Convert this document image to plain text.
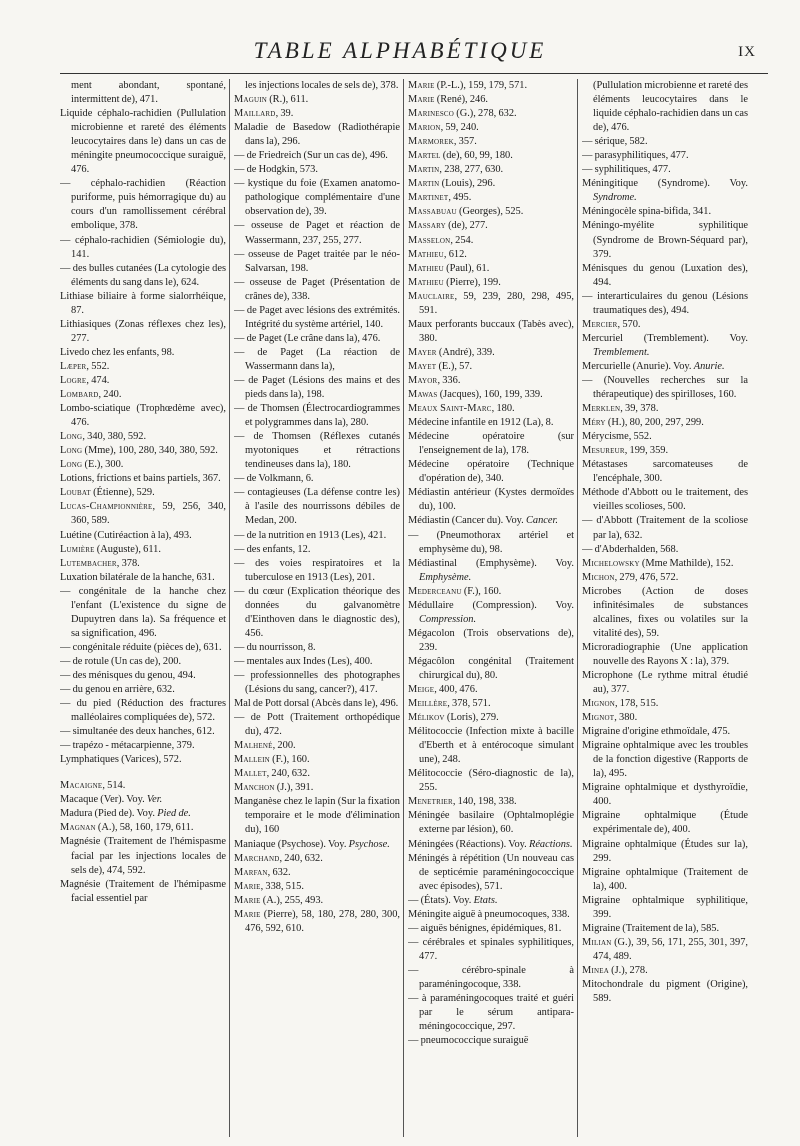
TABLE ALPHABÉTIQUE	IX
ment abondant, spontané, intermittent de), 471.
Liquide céphalo-rachidien (Pullulation microbienne et rareté des éléments leucocytaires dans le) dans un cas de méningite pneumococcique suraiguë, 476.
— céphalo-rachidien (Réaction puriforme, puis hémorragique du) au cours d'un ramollissement cérébral embolique, 378.
— céphalo-rachidien (Sémiologie du), 141.
— des bulles cutanées (La cytologie des éléments du sang dans le), 624.
Lithiase biliaire à forme sialorrhéique, 87.
Lithiasiques (Zonas réflexes chez les), 277.
Livedo chez les enfants, 98.
Læper, 552.
Logre, 474.
Lombard, 240.
Lombo-sciatique (Trophœdème avec), 476.
Long, 340, 380, 592.
Long (Mme), 100, 280, 340, 380, 592.
Long (E.), 300.
Lotions, frictions et bains partiels, 367.
Loubat (Étienne), 529.
Lucas-Championnière, 59, 256, 340, 360, 589.
Luétine (Cutiréaction à la), 493.
Lumière (Auguste), 611.
Lutembacher, 378.
Luxation bilatérale de la hanche, 631.
— congénitale de la hanche chez l'enfant (L'existence du signe de Dupuytren dans la). Sa fréquence et sa signification, 496.
— congénitale réduite (pièces de), 631.
— de rotule (Un cas de), 200.
— des ménisques du genou, 494.
— du genou en arrière, 632.
— du pied (Réduction des fractures malléolaires compliquées de), 572.
— simultanée des deux hanches, 612.
— trapézo - métacarpienne, 379.
Lymphatiques (Varices), 572.
Macaigne, 514.
Macaque (Ver). Voy. Ver.
Madura (Pied de). Voy. Pied de.
Magnan (A.), 58, 160, 179, 611.
Magnésie (Traitement de l'hémispasme facial par les injections locales de sels de), 474, 592.
Magnésie (Traitement de l'hémipasme facial essentiel par
les injections locales de sels de), 378.
Maguin (R.), 611.
Maillard, 39.
Maladie de Basedow (Radiothérapie dans la), 296.
— de Friedreich (Sur un cas de), 496.
— de Hodgkin, 573.
— kystique du foie (Examen anatomo-pathologique complémentaire d'une observation de), 39.
— osseuse de Paget et réaction de Wassermann, 237, 255, 277.
— osseuse de Paget traitée par le néo-Salvarsan, 198.
— osseuse de Paget (Présentation de crânes de), 338.
— de Paget avec lésions des extrémités. Intégrité du système artériel, 140.
— de Paget (Le crâne dans la), 476.
— de Paget (La réaction de Wassermann dans la),
— de Paget (Lésions des mains et des pieds dans la), 198.
— de Thomsen (Électrocardiogrammes et polygrammes dans la), 280.
— de Thomsen (Réflexes cutanés myotoniques et rétractions tendineuses dans la), 180.
— de Volkmann, 6.
— contagieuses (La défense contre les) à l'asile des nourrissons débiles de Medan, 200.
— de la nutrition en 1913 (Les), 421.
— des enfants, 12.
— des voies respiratoires et la tuberculose en 1913 (Les), 201.
— du cœur (Explication théorique des données du galvanomètre d'Einthoven dans le diagnostic des), 456.
— du nourrisson, 8.
— mentales aux Indes (Les), 400.
— professionnelles des photographes (Lésions du sang, cancer?), 417.
Mal de Pott dorsal (Abcès dans le), 496.
— de Pott (Traitement orthopédique du), 472.
Malhené, 200.
Mallein (F.), 160.
Mallet, 240, 632.
Manchon (J.), 391.
Manganèse chez le lapin (Sur la fixation temporaire et le mode d'élimination du), 160
Maniaque (Psychose). Voy. Psychose.
Marchand, 240, 632.
Marfan, 632.
Marie, 338, 515.
Marie (A.), 255, 493.
Marie (Pierre), 58, 180, 278, 280, 300, 476, 592, 610.
Marie (P.-L.), 159, 179, 571.
Marie (René), 246.
Marinesco (G.), 278, 632.
Marion, 59, 240.
Marmorek, 357.
Martel (de), 60, 99, 180.
Martin, 238, 277, 630.
Martin (Louis), 296.
Martinet, 495.
Massabuau (Georges), 525.
Massary (de), 277.
Masselon, 254.
Mathieu, 612.
Mathieu (Paul), 61.
Mathieu (Pierre), 199.
Mauclaire, 59, 239, 280, 298, 495, 591.
Maux perforants buccaux (Tabès avec), 380.
Mayer (André), 339.
Mayet (E.), 57.
Mayor, 336.
Mawas (Jacques), 160, 199, 339.
Meaux Saint-Marc, 180.
Médecine infantile en 1912 (La), 8.
Médecine opératoire (sur l'enseignement de la), 178.
Médecine opératoire (Technique d'opération de), 340.
Médiastin antérieur (Kystes dermoïdes du), 100.
Médiastin (Cancer du). Voy. Cancer.
— (Pneumothorax artériel et emphysème du), 98.
Médiastinal (Emphysème). Voy. Emphysème.
Mederceanu (F.), 160.
Médullaire (Compression). Voy. Compression.
Mégacolon (Trois observations de), 239.
Mégacôlon congénital (Traitement chirurgical du), 80.
Meige, 400, 476.
Meillère, 378, 571.
Mélikov (Loris), 279.
Mélitococcie (Infection mixte à bacille d'Eberth et à entérocoque simulant une), 248.
Mélitococcie (Séro-diagnostic de la), 255.
Menetrier, 140, 198, 338.
Méningée basilaire (Ophtalmoplégie externe par lésion), 60.
Méningées (Réactions). Voy. Réactions.
Méningés à répétition (Un nouveau cas de septicémie paraméningococcique avec épisodes), 571.
— (États). Voy. Etats.
Méningite aiguë à pneumocoques, 338.
— aiguës bénignes, épidémiques, 81.
— cérébrales et spinales syphilitiques, 477.
— cérébro-spinale à paraméningocoque, 338.
— à paraméningocoques traité et guéri par le sérum antipara-méningococcique, 297.
— pneumococcique suraiguë
(Pullulation microbienne et rareté des éléments leucocytaires dans le liquide céphalo-rachidien dans un cas de), 476.
— sérique, 582.
— parasyphilitiques, 477.
— syphilitiques, 477.
Méningitique (Syndrome). Voy. Syndrome.
Méningocèle spina-bifida, 341.
Méningo-myélite syphilitique (Syndrome de Brown-Séquard par), 379.
Ménisques du genou (Luxation des), 494.
— interarticulaires du genou (Lésions traumatiques des), 494.
Mercier, 570.
Mercuriel (Tremblement). Voy. Tremblement.
Mercurielle (Anurie). Voy. Anurie.
— (Nouvelles recherches sur la thérapeutique) des spirilloses, 160.
Merklen, 39, 378.
Méry (H.), 80, 200, 297, 299.
Mérycisme, 552.
Mesureur, 199, 359.
Métastases sarcomateuses de l'encéphale, 300.
Méthode d'Abbott ou le traitement, des vieilles scolioses, 500.
— d'Abbott (Traitement de la scoliose par la), 632.
— d'Abderhalden, 568.
Michelowsky (Mme Mathilde), 152.
Michon, 279, 476, 572.
Microbes (Action de doses infinitésimales de substances alcalines, fixes ou volatiles sur la vitalité des), 59.
Microradiographie (Une application nouvelle des Rayons X : la), 379.
Microphone (Le rythme mitral étudié au), 377.
Mignon, 178, 515.
Mignot, 380.
Migraine d'origine ethmoïdale, 475.
Migraine ophtalmique avec les troubles de la fonction digestive (Rapports de la), 495.
Migraine ophtalmique et dysthyroïdie, 400.
Migraine ophtalmique (Étude expérimentale de), 400.
Migraine ophtalmique (Études sur la), 299.
Migraine ophtalmique (Traitement de la), 400.
Migraine ophtalmique syphilitique, 399.
Migraine (Traitement de la), 585.
Milian (G.), 39, 56, 171, 255, 301, 397, 474, 489.
Minea (J.), 278.
Mitochondrale du pigment (Origine), 589.
